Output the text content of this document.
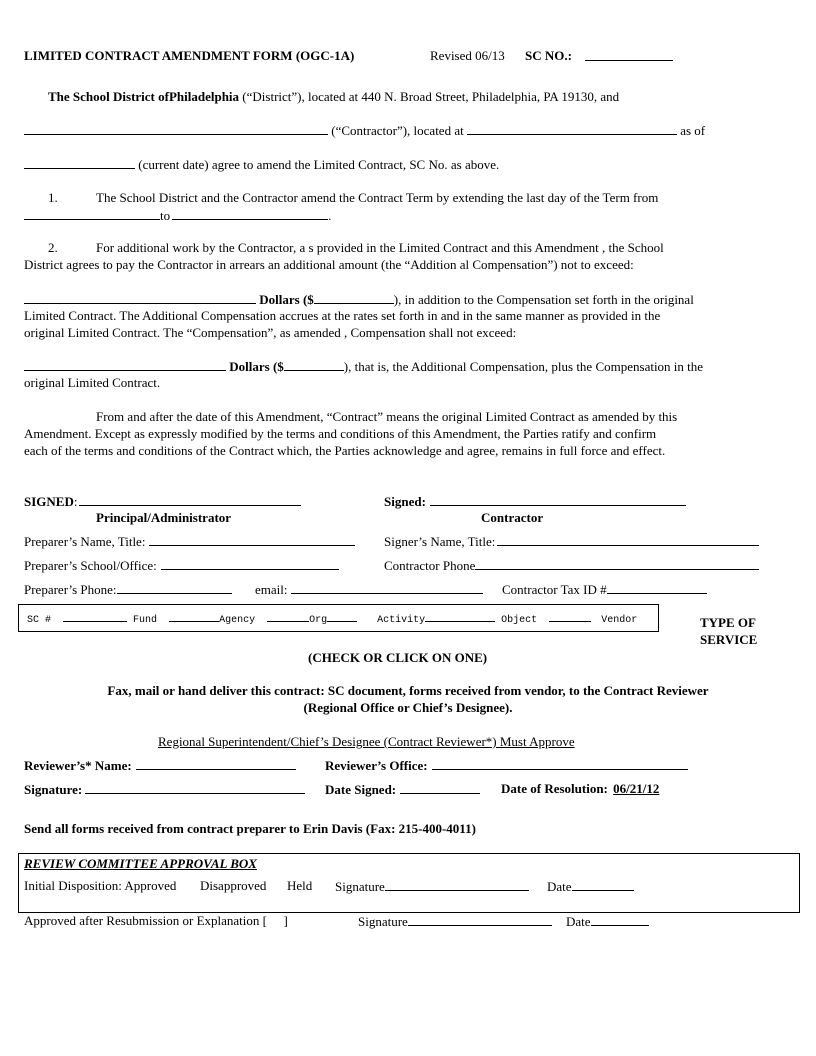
LIMITED CONTRACT AMENDMENT FORM (OGC-1A)	Revised 06/13 SC NO.:
The School District ofPhiladelphia (“District”), located at 440 N. Broad Street, Philadelphia, PA 19130, and
(“Contractor”), located at	as of
(current date) agree to amend the Limited Contract, SC No. as above.
1.	The School District and the Contractor amend the Contract Term by extending the last day of the Term from
to	.
2.	For additional work by the Contractor, a s provided in the Limited Contract and this Amendment , the School
District agrees to pay the Contractor in arrears an additional amount (the “Addition al Compensation”) not to exceed:
Dollars ($	), in addition to the Compensation set forth in the original
Limited Contract. The Additional Compensation accrues at the rates set forth in and in the same manner as provided in the
original Limited Contract. The “Compensation”, as amended , Compensation shall not exceed:
Dollars ($	), that is, the Additional Compensation, plus the Compensation in the
original Limited Contract.
From and after the date of this Amendment, “Contract” means the original Limited Contract as amended by this
Amendment. Except as expressly modified by the terms and conditions of this Amendment, the Parties ratify and confirm
each of the terms and conditions of the Contract which, the Parties acknowledge and agree, remains in full force and effect.
SIGNED:
Principal/Administrator
Signed:
Contractor
Preparer’s Name, Title:	Signer’s Name, Title:
Preparer’s School/Office:	Contractor Phone
Preparer’s Phone:	email:	Contractor Tax ID #
SC #	Fund	Agency	Org	Activity	Object	Vendor	TYPE OF
SERVICE
(CHECK OR CLICK ON ONE)
Fax, mail or hand deliver this contract: SC document, forms received from vendor, to the Contract Reviewer
(Regional Office or Chief’s Designee).
Regional Superintendent/Chief’s Designee (Contract Reviewer*) Must Approve
Reviewer’s* Name:	Reviewer’s Office:
Signature:	Date Signed:	Date of Resolution: 06/21/12
Send all forms received from contract preparer to Erin Davis (Fax: 215-400-4011)
REVIEW COMMITTEE APPROVAL BOX
Initial Disposition: Approved Disapproved Held Signature	Date
Approved after Resubmission or Explanation [ ]	Signature	Date
